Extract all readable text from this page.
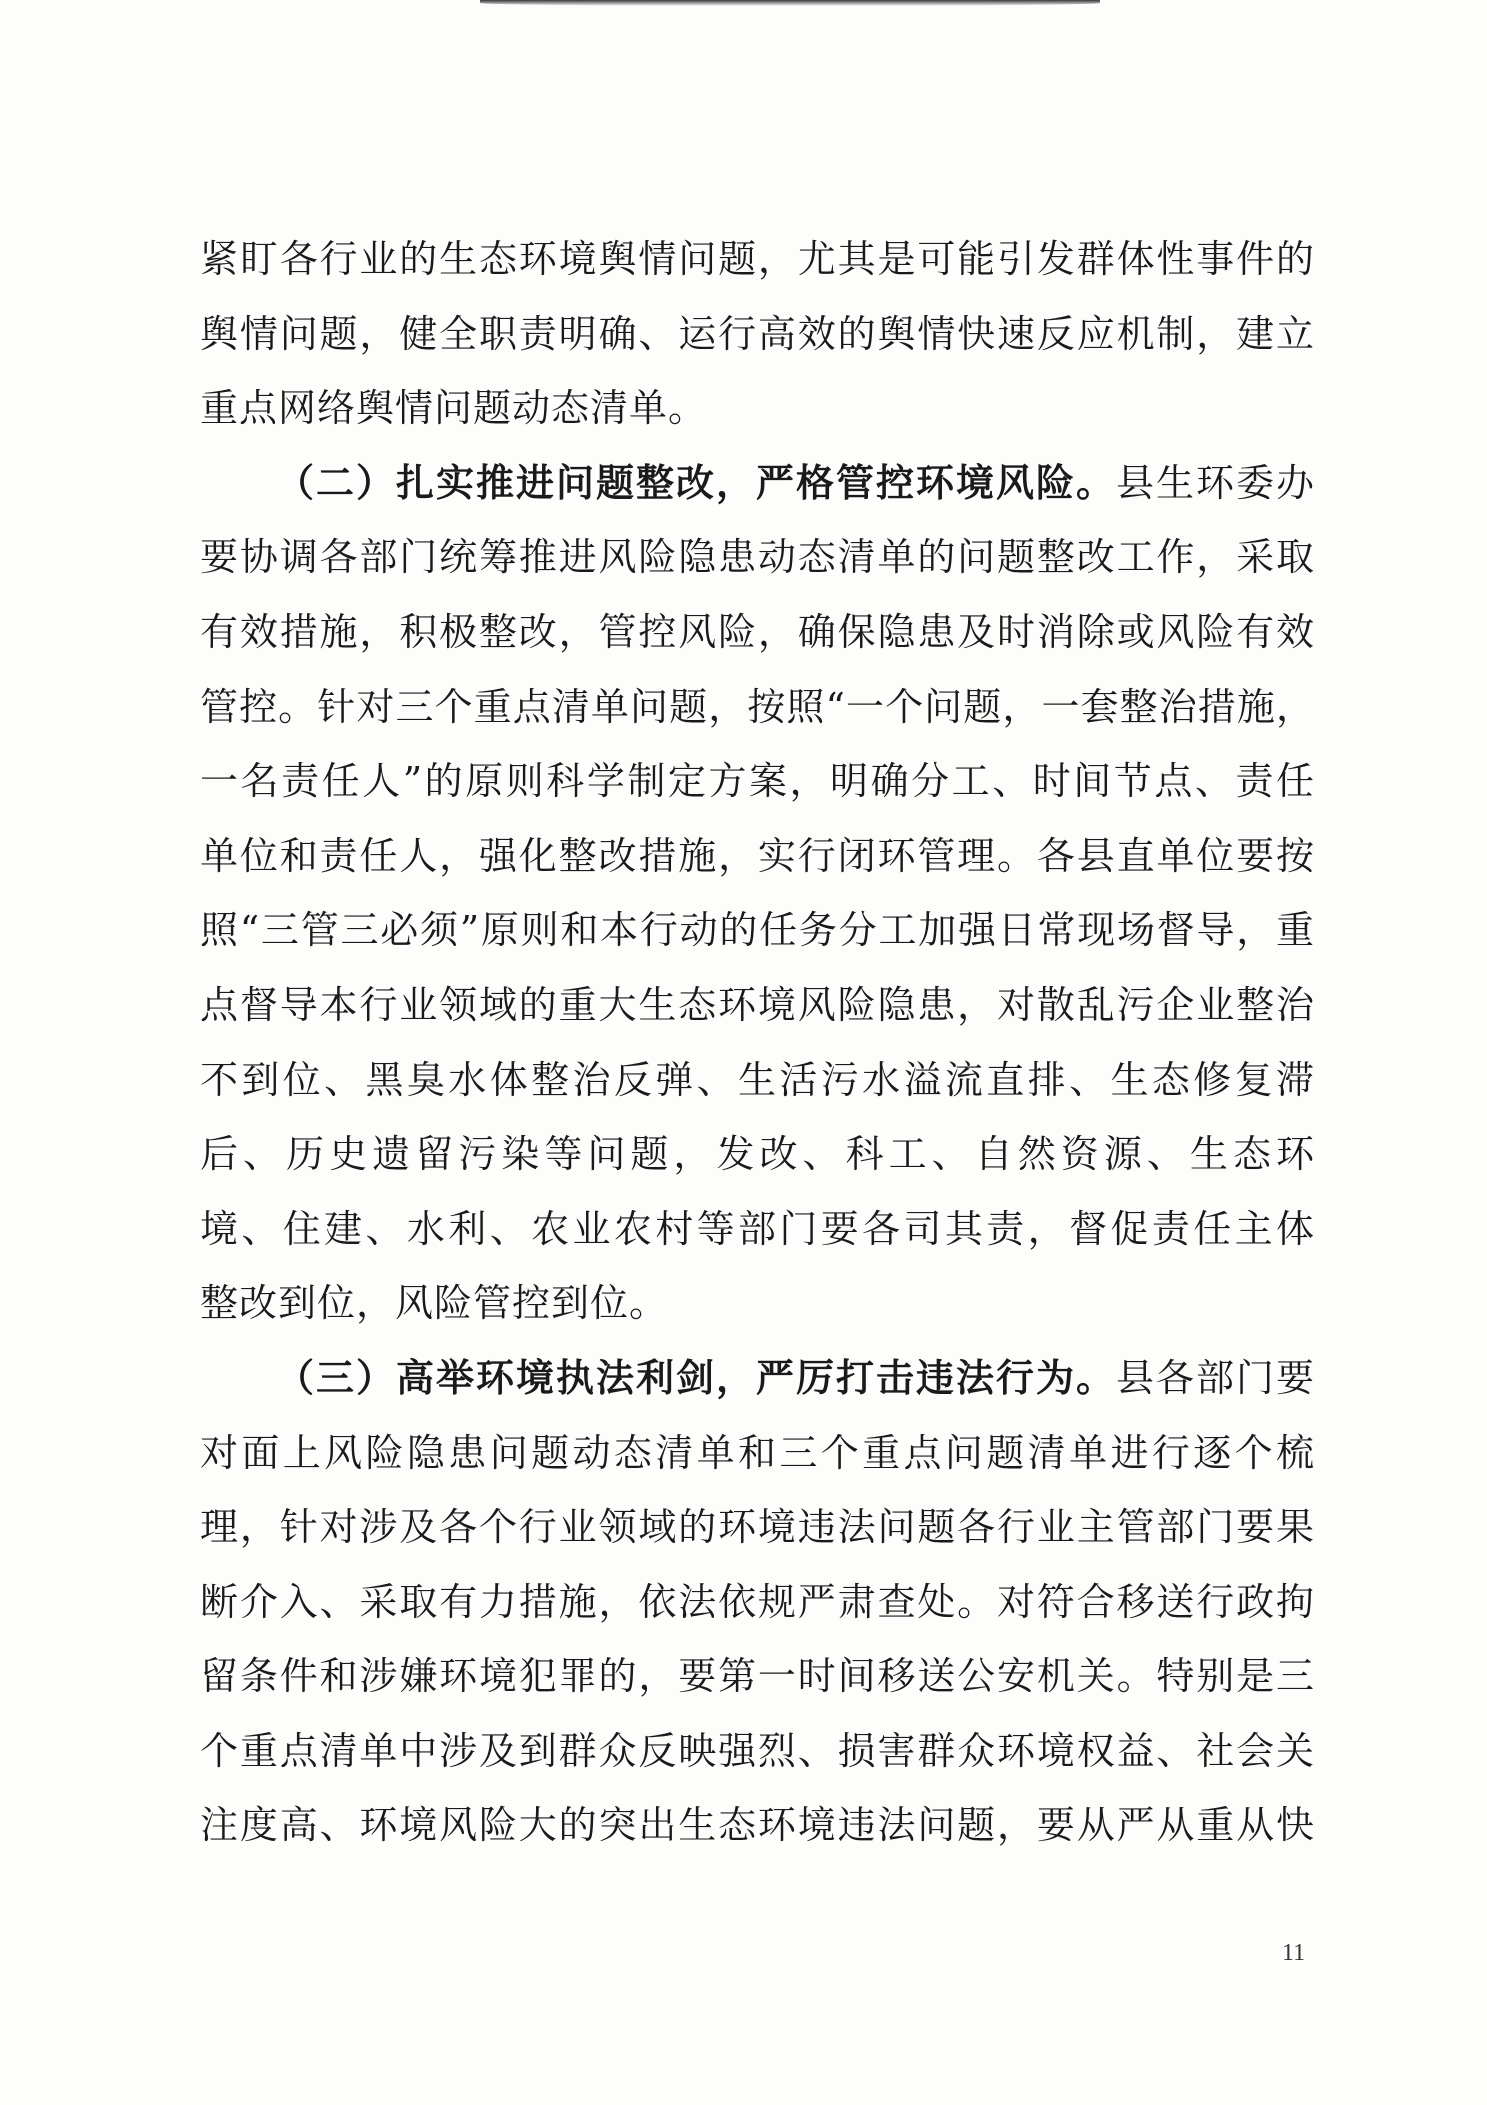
紧盯各行业的生态环境舆情问题，尤其是可能引发群体性事件的
舆情问题，健全职责明确、运行高效的舆情快速反应机制，建立
重点网络舆情问题动态清单。

（二）扎实推进问题整改，严格管控环境风险。县生环委办
要协调各部门统筹推进风险隐患动态清单的问题整改工作，采取
有效措施，积极整改，管控风险，确保隐患及时消除或风险有效
管控。针对三个重点清单问题，按照“一个问题，一套整治措施，
一名责任人”的原则科学制定方案，明确分工、时间节点、责任
单位和责任人，强化整改措施，实行闭环管理。各县直单位要按
照“三管三必须”原则和本行动的任务分工加强日常现场督导，重
点督导本行业领域的重大生态环境风险隐患，对散乱污企业整治
不到位、黑臭水体整治反弹、生活污水溢流直排、生态修复滞
后、历史遗留污染等问题，发改、科工、自然资源、生态环
境、住建、水利、农业农村等部门要各司其责，督促责任主体
整改到位，风险管控到位。

（三）高举环境执法利剑，严厉打击违法行为。县各部门要
对面上风险隐患问题动态清单和三个重点问题清单进行逐个梳
理，针对涉及各个行业领域的环境违法问题各行业主管部门要果
断介入、采取有力措施，依法依规严肃查处。对符合移送行政拘
留条件和涉嫌环境犯罪的，要第一时间移送公安机关。特别是三
个重点清单中涉及到群众反映强烈、损害群众环境权益、社会关
注度高、环境风险大的突出生态环境违法问题，要从严从重从快

11
